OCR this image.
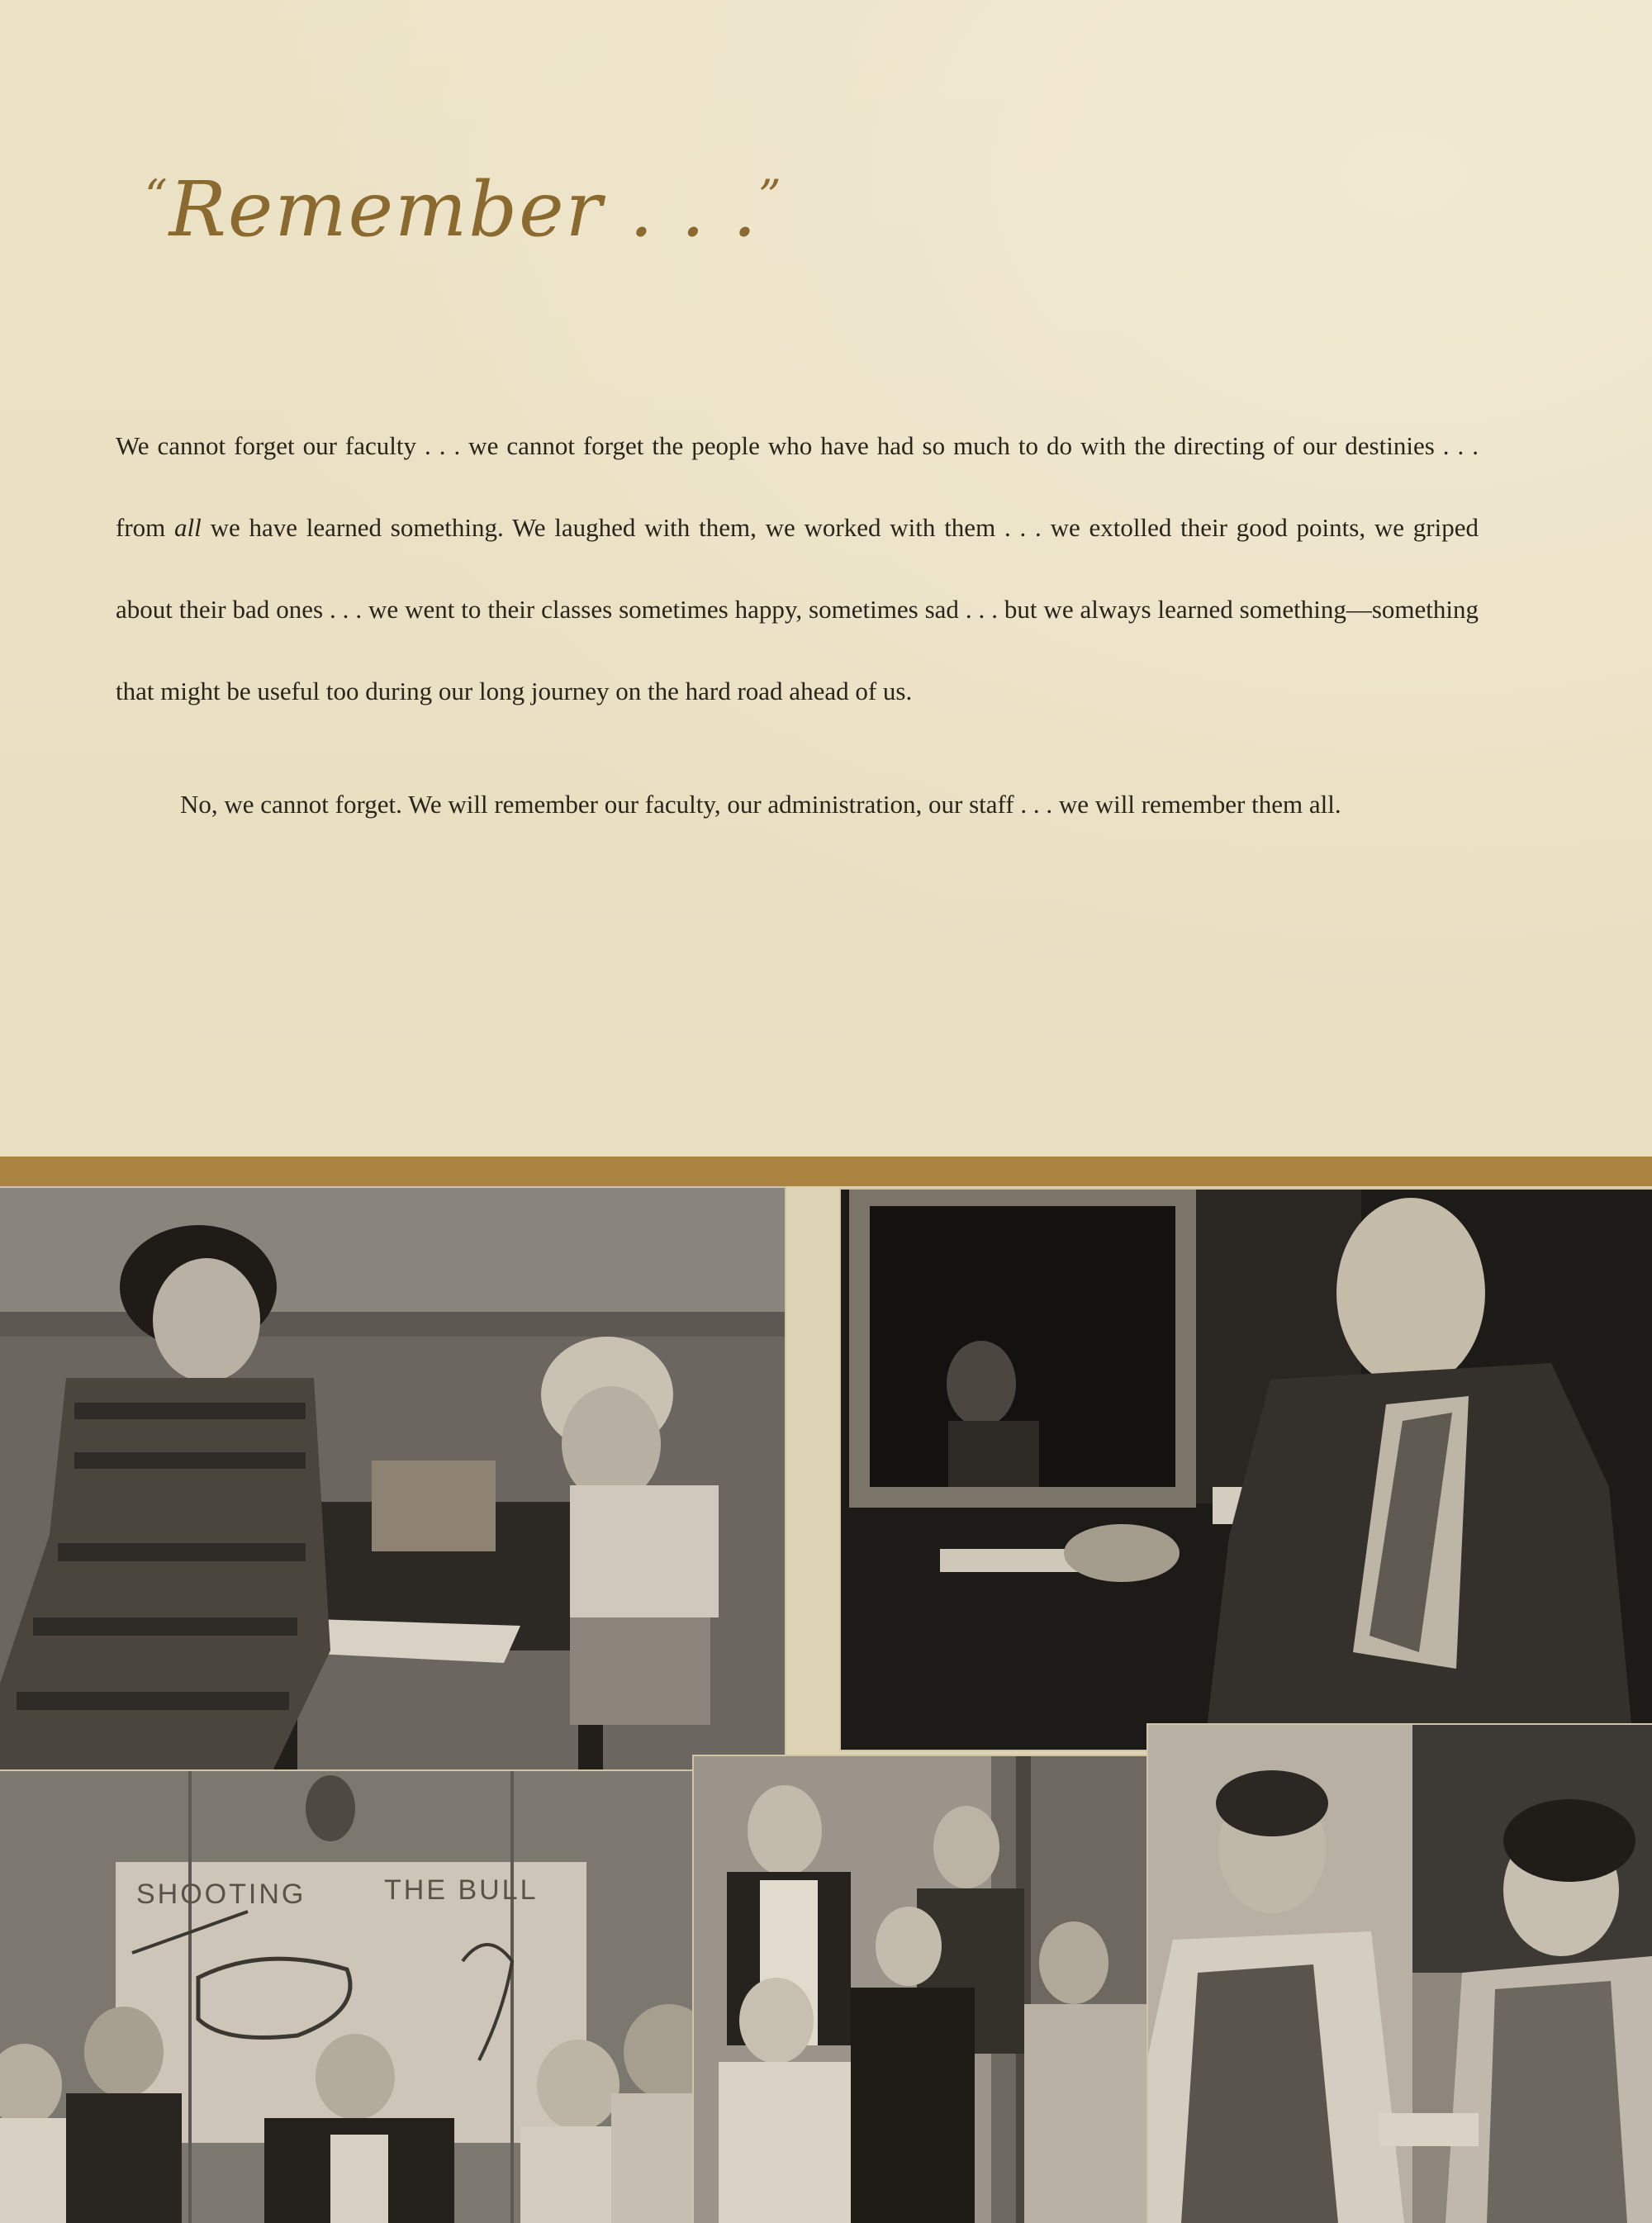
“Remember . . .”

We cannot forget our faculty . . . we cannot forget the people who have had so much to do with the directing of our destinies . . . from all we have learned something. We laughed with them, we worked with them . . . we extolled their good points, we griped about their bad ones . . . we went to their classes sometimes happy, sometimes sad . . . but we always learned something—something that might be useful too during our long journey on the hard road ahead of us.

No, we cannot forget. We will remember our faculty, our administration, our staff . . . we will remember them all.

SHOOTING	THE BULL
